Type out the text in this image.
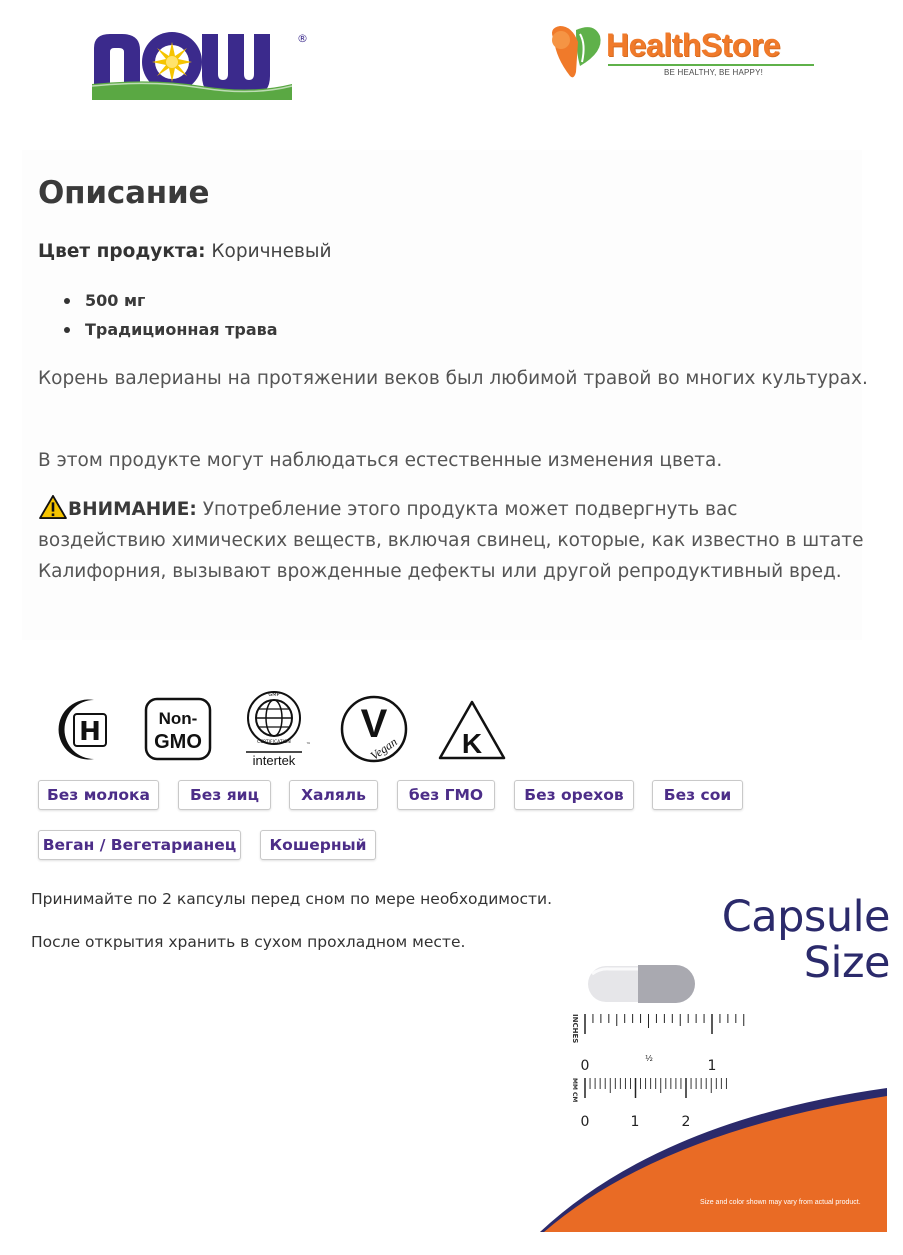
®	HealthStore
BE HEALTHY, BE HAPPY!
Описание
Цвет продукта: Коричневый
500 мг
Традиционная трава
Корень валерианы на протяжении веков был любимой травой во многих культурах.
В этом продукте могут наблюдаться естественные изменения цвета.
ВНИМАНИЕ: Употребление этого продукта может подвергнуть вас воздействию химических веществ, включая свинец, которые, как известно в штате Калифорния, вызывают врожденные дефекты или другой репродуктивный вред.
H	Non-
GMO
GMP
CERTIFICATION
intertek
™ V
Vegan K
Без молока	Без яиц	Халяль	без ГМО	Без орехов	Без сои
Веган / Вегетарианец	Кошерный
Принимайте по 2 капсулы перед сном по мере необходимости.
После открытия хранить в сухом прохладном месте.
INCHES
MM CM
0	½	1
0	1	2
Capsule
Size
Size and color shown may vary from actual product.
